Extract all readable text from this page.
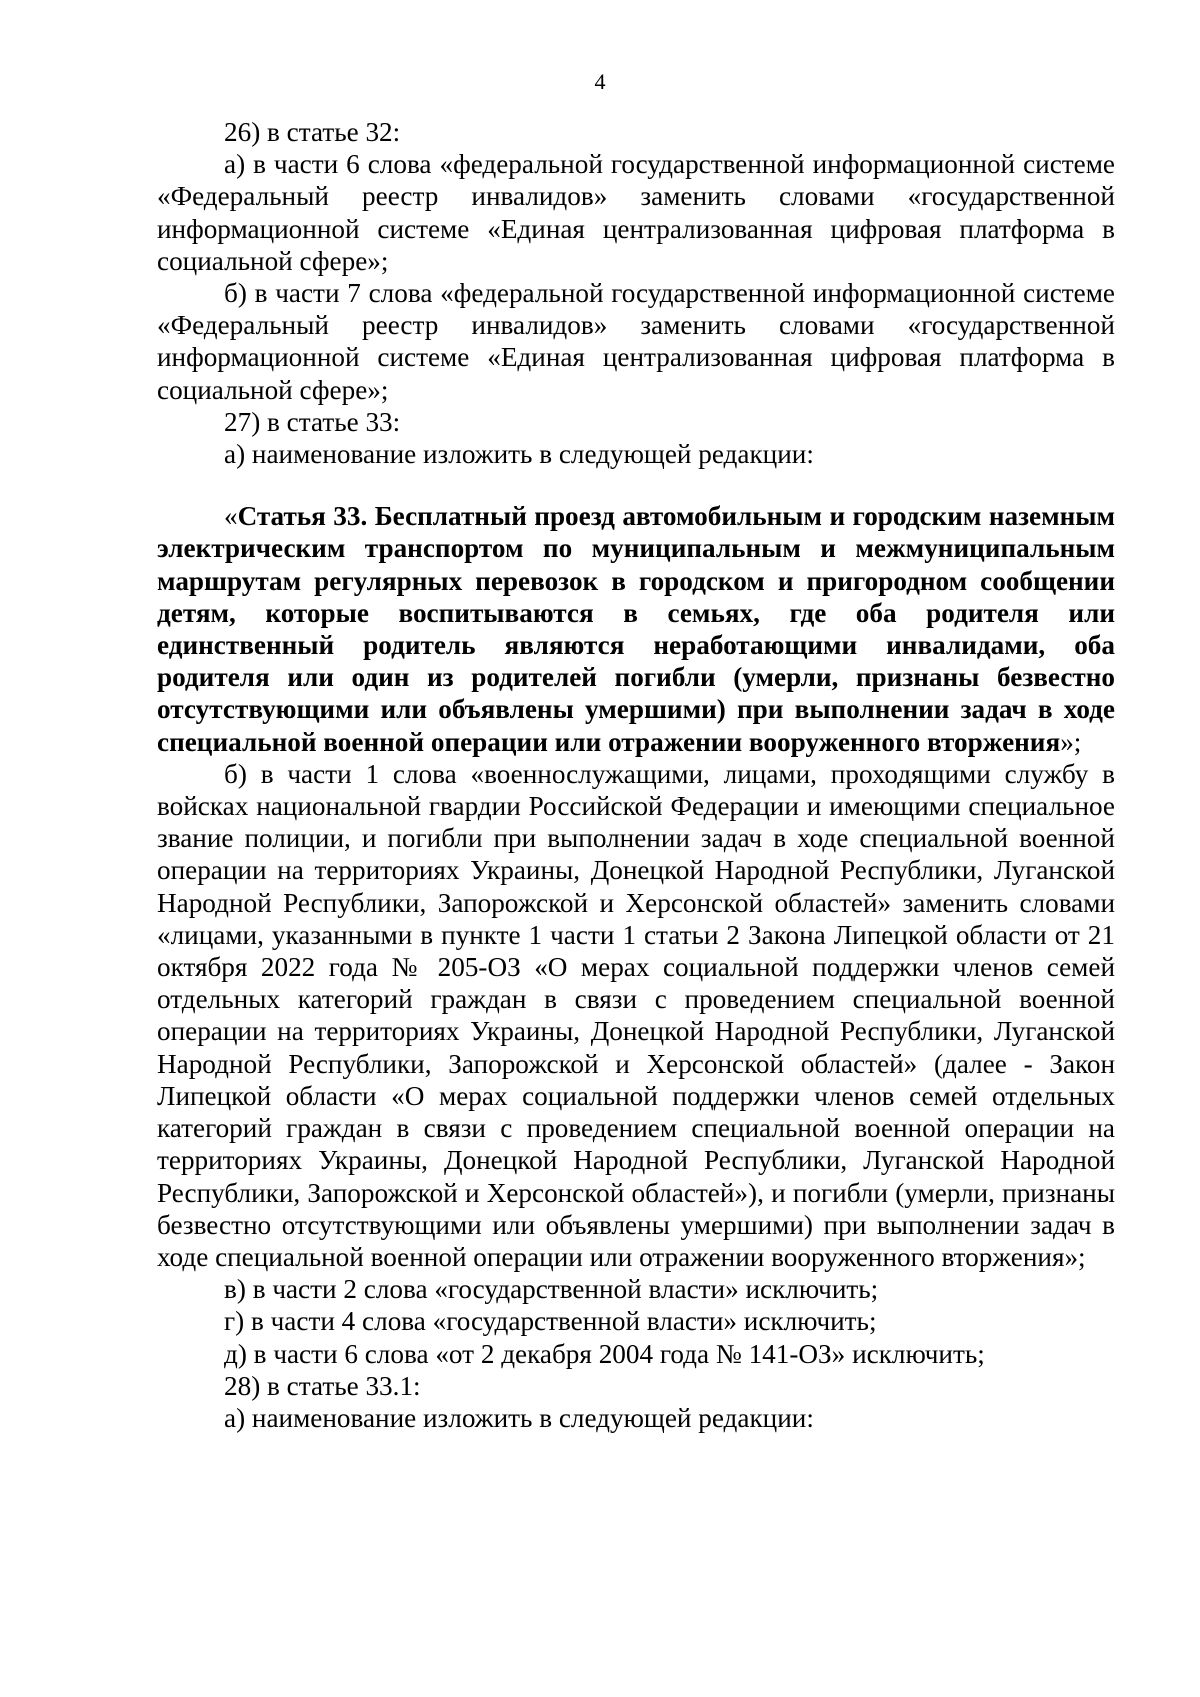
4

26) в статье 32:

а) в части 6 слова «федеральной государственной информационной системе «Федеральный реестр инвалидов» заменить словами «государственной информационной системе «Единая централизованная цифровая платформа в социальной сфере»;

б) в части 7 слова «федеральной государственной информационной системе «Федеральный реестр инвалидов» заменить словами «государственной информационной системе «Единая централизованная цифровая платформа в социальной сфере»;

27) в статье 33:

а) наименование изложить в следующей редакции:

«Статья 33. Бесплатный проезд автомобильным и городским наземным электрическим транспортом по муниципальным и межмуниципальным маршрутам регулярных перевозок в городском и пригородном сообщении детям, которые воспитываются в семьях, где оба родителя или единственный родитель являются неработающими инвалидами, оба родителя или один из родителей погибли (умерли, признаны безвестно отсутствующими или объявлены умершими) при выполнении задач в ходе специальной военной операции или отражении вооруженного вторжения»;

б) в части 1 слова «военнослужащими, лицами, проходящими службу в войсках национальной гвардии Российской Федерации и имеющими специальное звание полиции, и погибли при выполнении задач в ходе специальной военной операции на территориях Украины, Донецкой Народной Республики, Луганской Народной Республики, Запорожской и Херсонской областей» заменить словами «лицами, указанными в пункте 1 части 1 статьи 2 Закона Липецкой области от 21 октября 2022 года № 205-ОЗ «О мерах социальной поддержки членов семей отдельных категорий граждан в связи с проведением специальной военной операции на территориях Украины, Донецкой Народной Республики, Луганской Народной Республики, Запорожской и Херсонской областей» (далее - Закон Липецкой области «О мерах социальной поддержки членов семей отдельных категорий граждан в связи с проведением специальной военной операции на территориях Украины, Донецкой Народной Республики, Луганской Народной Республики, Запорожской и Херсонской областей»), и погибли (умерли, признаны безвестно отсутствующими или объявлены умершими) при выполнении задач в ходе специальной военной операции или отражении вооруженного вторжения»;

в) в части 2 слова «государственной власти» исключить;

г) в части 4 слова «государственной власти» исключить;

д) в части 6 слова «от 2 декабря 2004 года № 141-ОЗ» исключить;

28) в статье 33.1:

а) наименование изложить в следующей редакции:
